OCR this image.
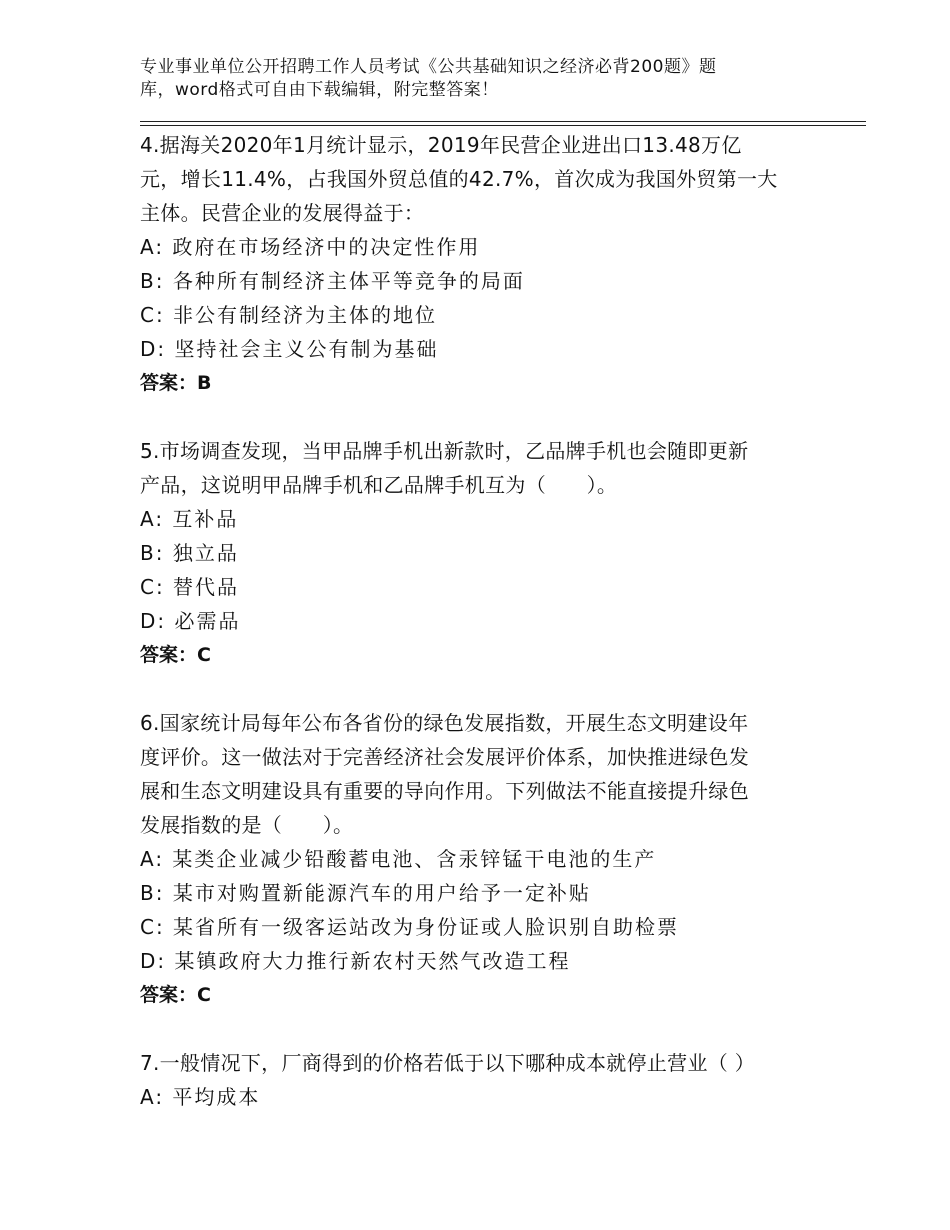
专业事业单位公开招聘工作人员考试《公共基础知识之经济必背200题》题
库，word格式可自由下载编辑，附完整答案！
4.据海关2020年1月统计显示，2019年民营企业进出口13.48万亿
元，增长11.4%，占我国外贸总值的42.7%，首次成为我国外贸第一大
主体。民营企业的发展得益于：
A: 政府在市场经济中的决定性作用
B: 各种所有制经济主体平等竞争的局面
C: 非公有制经济为主体的地位
D: 坚持社会主义公有制为基础
答案：B
5.市场调查发现，当甲品牌手机出新款时，乙品牌手机也会随即更新
产品，这说明甲品牌手机和乙品牌手机互为（　　）。
A: 互补品
B: 独立品
C: 替代品
D: 必需品
答案：C
6.国家统计局每年公布各省份的绿色发展指数，开展生态文明建设年
度评价。这一做法对于完善经济社会发展评价体系，加快推进绿色发
展和生态文明建设具有重要的导向作用。下列做法不能直接提升绿色
发展指数的是（　　）。
A: 某类企业减少铅酸蓄电池、含汞锌锰干电池的生产
B: 某市对购置新能源汽车的用户给予一定补贴
C: 某省所有一级客运站改为身份证或人脸识别自助检票
D: 某镇政府大力推行新农村天然气改造工程
答案：C
7.一般情况下，厂商得到的价格若低于以下哪种成本就停止营业（ ）
A: 平均成本
